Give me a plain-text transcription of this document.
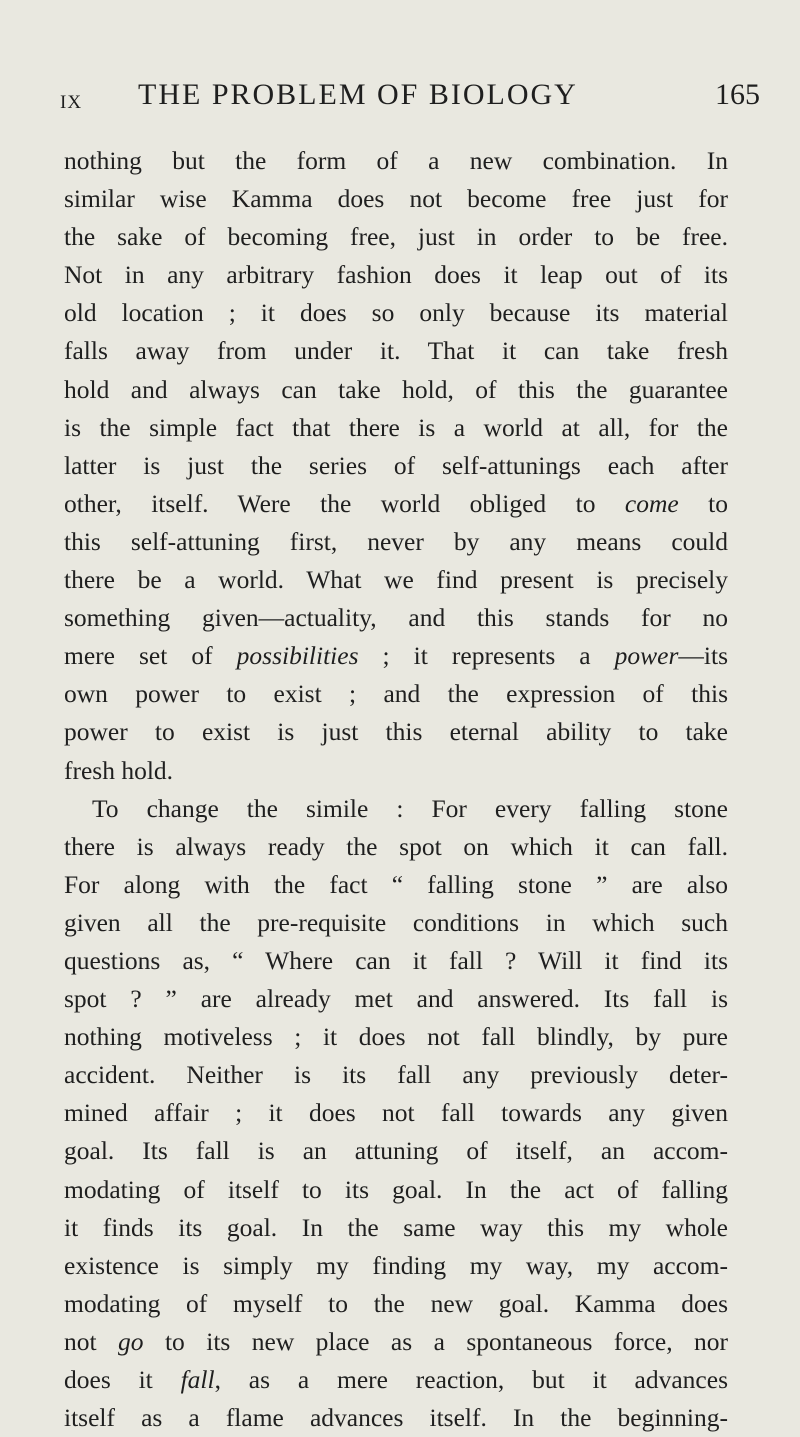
IX THE PROBLEM OF BIOLOGY	165
nothing but the form of a new combination. In
similar wise Kamma does not become free just for
the sake of becoming free, just in order to be free.
Not in any arbitrary fashion does it leap out of its
old location ; it does so only because its material
falls away from under it. That it can take fresh
hold and always can take hold, of this the guarantee
is the simple fact that there is a world at all, for the
latter is just the series of self-attunings each after
other, itself. Were the world obliged to come to
this self-attuning first, never by any means could
there be a world. What we find present is precisely
something given—actuality, and this stands for no
mere set of possibilities ; it represents a power—its
own power to exist ; and the expression of this
power to exist is just this eternal ability to take
fresh hold.
To change the simile : For every falling stone
there is always ready the spot on which it can fall.
For along with the fact “ falling stone ” are also
given all the pre-requisite conditions in which such
questions as, “ Where can it fall ? Will it find its
spot ? ” are already met and answered. Its fall is
nothing motiveless ; it does not fall blindly, by pure
accident. Neither is its fall any previously deter-
mined affair ; it does not fall towards any given
goal. Its fall is an attuning of itself, an accom-
modating of itself to its goal. In the act of falling
it finds its goal. In the same way this my whole
existence is simply my finding my way, my accom-
modating of myself to the new goal. Kamma does
not go to its new place as a spontaneous force, nor
does it fall, as a mere reaction, but it advances
itself as a flame advances itself. In the beginning-
